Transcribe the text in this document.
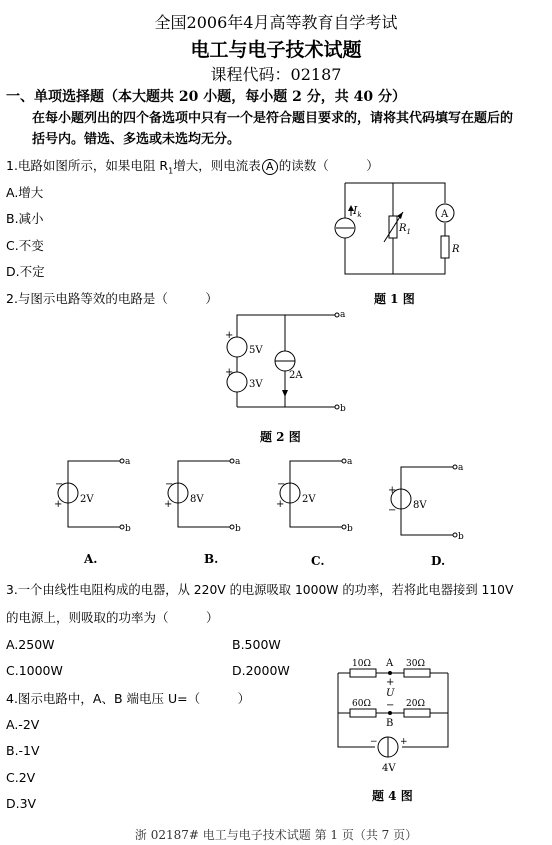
全国2006年4月高等教育自学考试
电工与电子技术试题
课程代码：02187
一、单项选择题（本大题共 20 小题，每小题 2 分，共 40 分）
在每小题列出的四个备选项中只有一个是符合题目要求的，请将其代码填写在题后的
括号内。错选、多选或未选均无分。
1.电路如图所示，如果电阻 $R_1$增大，则电流表 A 的读数（　　　）
A.增大
B.减小
C.不变
D.不定
$I_k$
$R_1$
R
A
题 1 图
2.与图示电路等效的电路是（　　　）
+
+
5V
3V
2A
a
b
题 2 图
−
+
−
+
−
+
+
−
a
b
a
b
a
b
a
b
2V	8V	2V
8V
A.	B.	C.	D.
3.一个由线性电阻构成的电器，从 220V 的电源吸取 1000W 的功率，若将此电器接到 110V
的电源上，则吸取的功率为（　　　）
A.250W	B.500W
C.1000W	D.2000W
4.图示电路中，A、B 端电压 U=（　　　）
A.-2V
B.-1V
C.2V
D.3V
10Ω	30Ω
60Ω	20Ω
A
B
+
U
−
− +
4V
题 4 图
浙 02187# 电工与电子技术试题 第 1 页（共 7 页）
